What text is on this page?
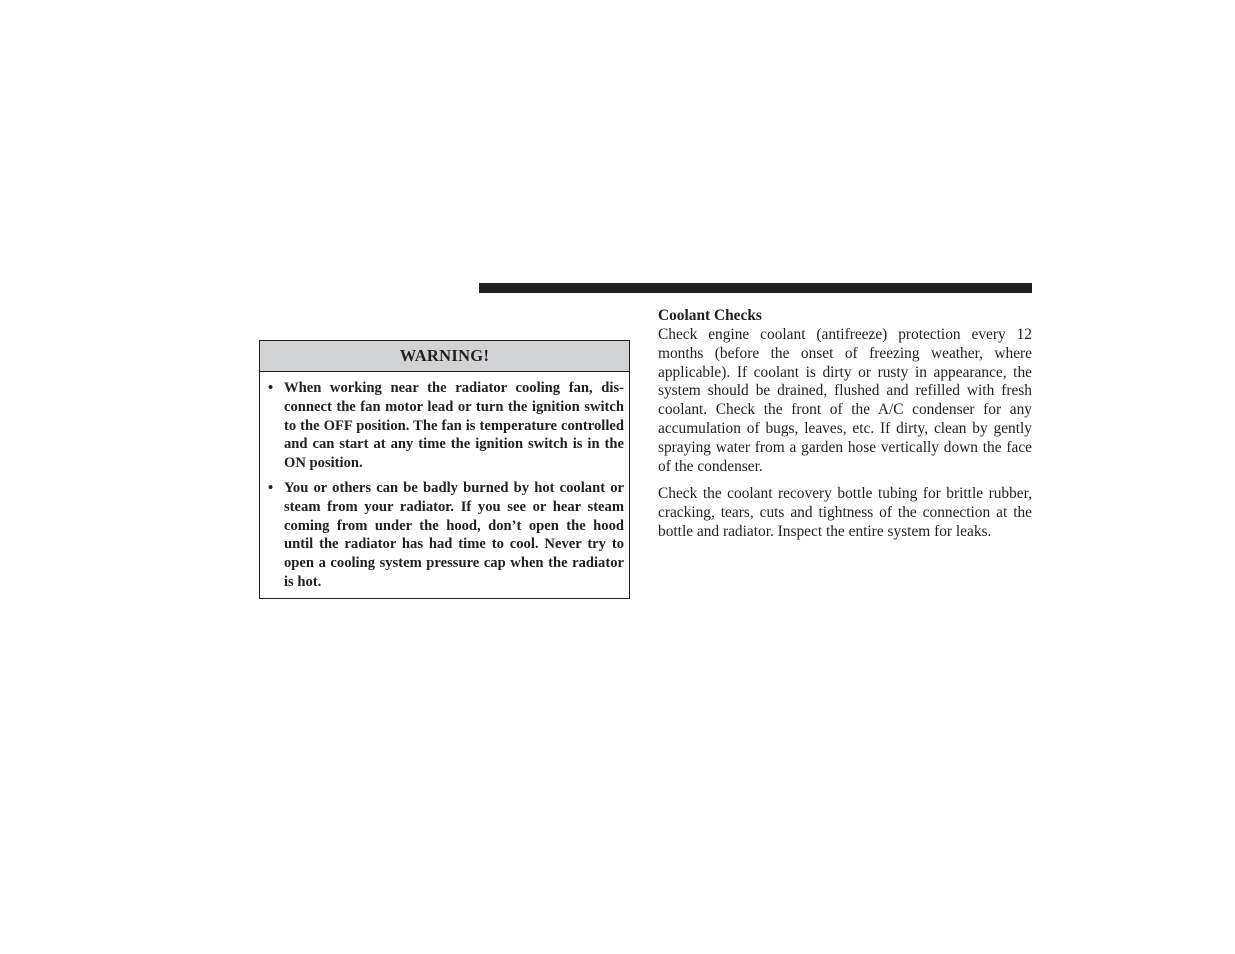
WARNING!
• When working near the radiator cooling fan, disconnect the fan motor lead or turn the ignition switch to the OFF position. The fan is temperature controlled and can start at any time the ignition switch is in the ON position.
• You or others can be badly burned by hot coolant or steam from your radiator. If you see or hear steam coming from under the hood, don’t open the hood until the radiator has had time to cool. Never try to open a cooling system pressure cap when the radiator is hot.
Coolant Checks

Check engine coolant (antifreeze) protection every 12 months (before the onset of freezing weather, where applicable). If coolant is dirty or rusty in appearance, the system should be drained, flushed and refilled with fresh coolant. Check the front of the A/C condenser for any accumulation of bugs, leaves, etc. If dirty, clean by gently spraying water from a garden hose vertically down the face of the condenser.

Check the coolant recovery bottle tubing for brittle rubber, cracking, tears, cuts and tightness of the connection at the bottle and radiator. Inspect the entire system for leaks.
